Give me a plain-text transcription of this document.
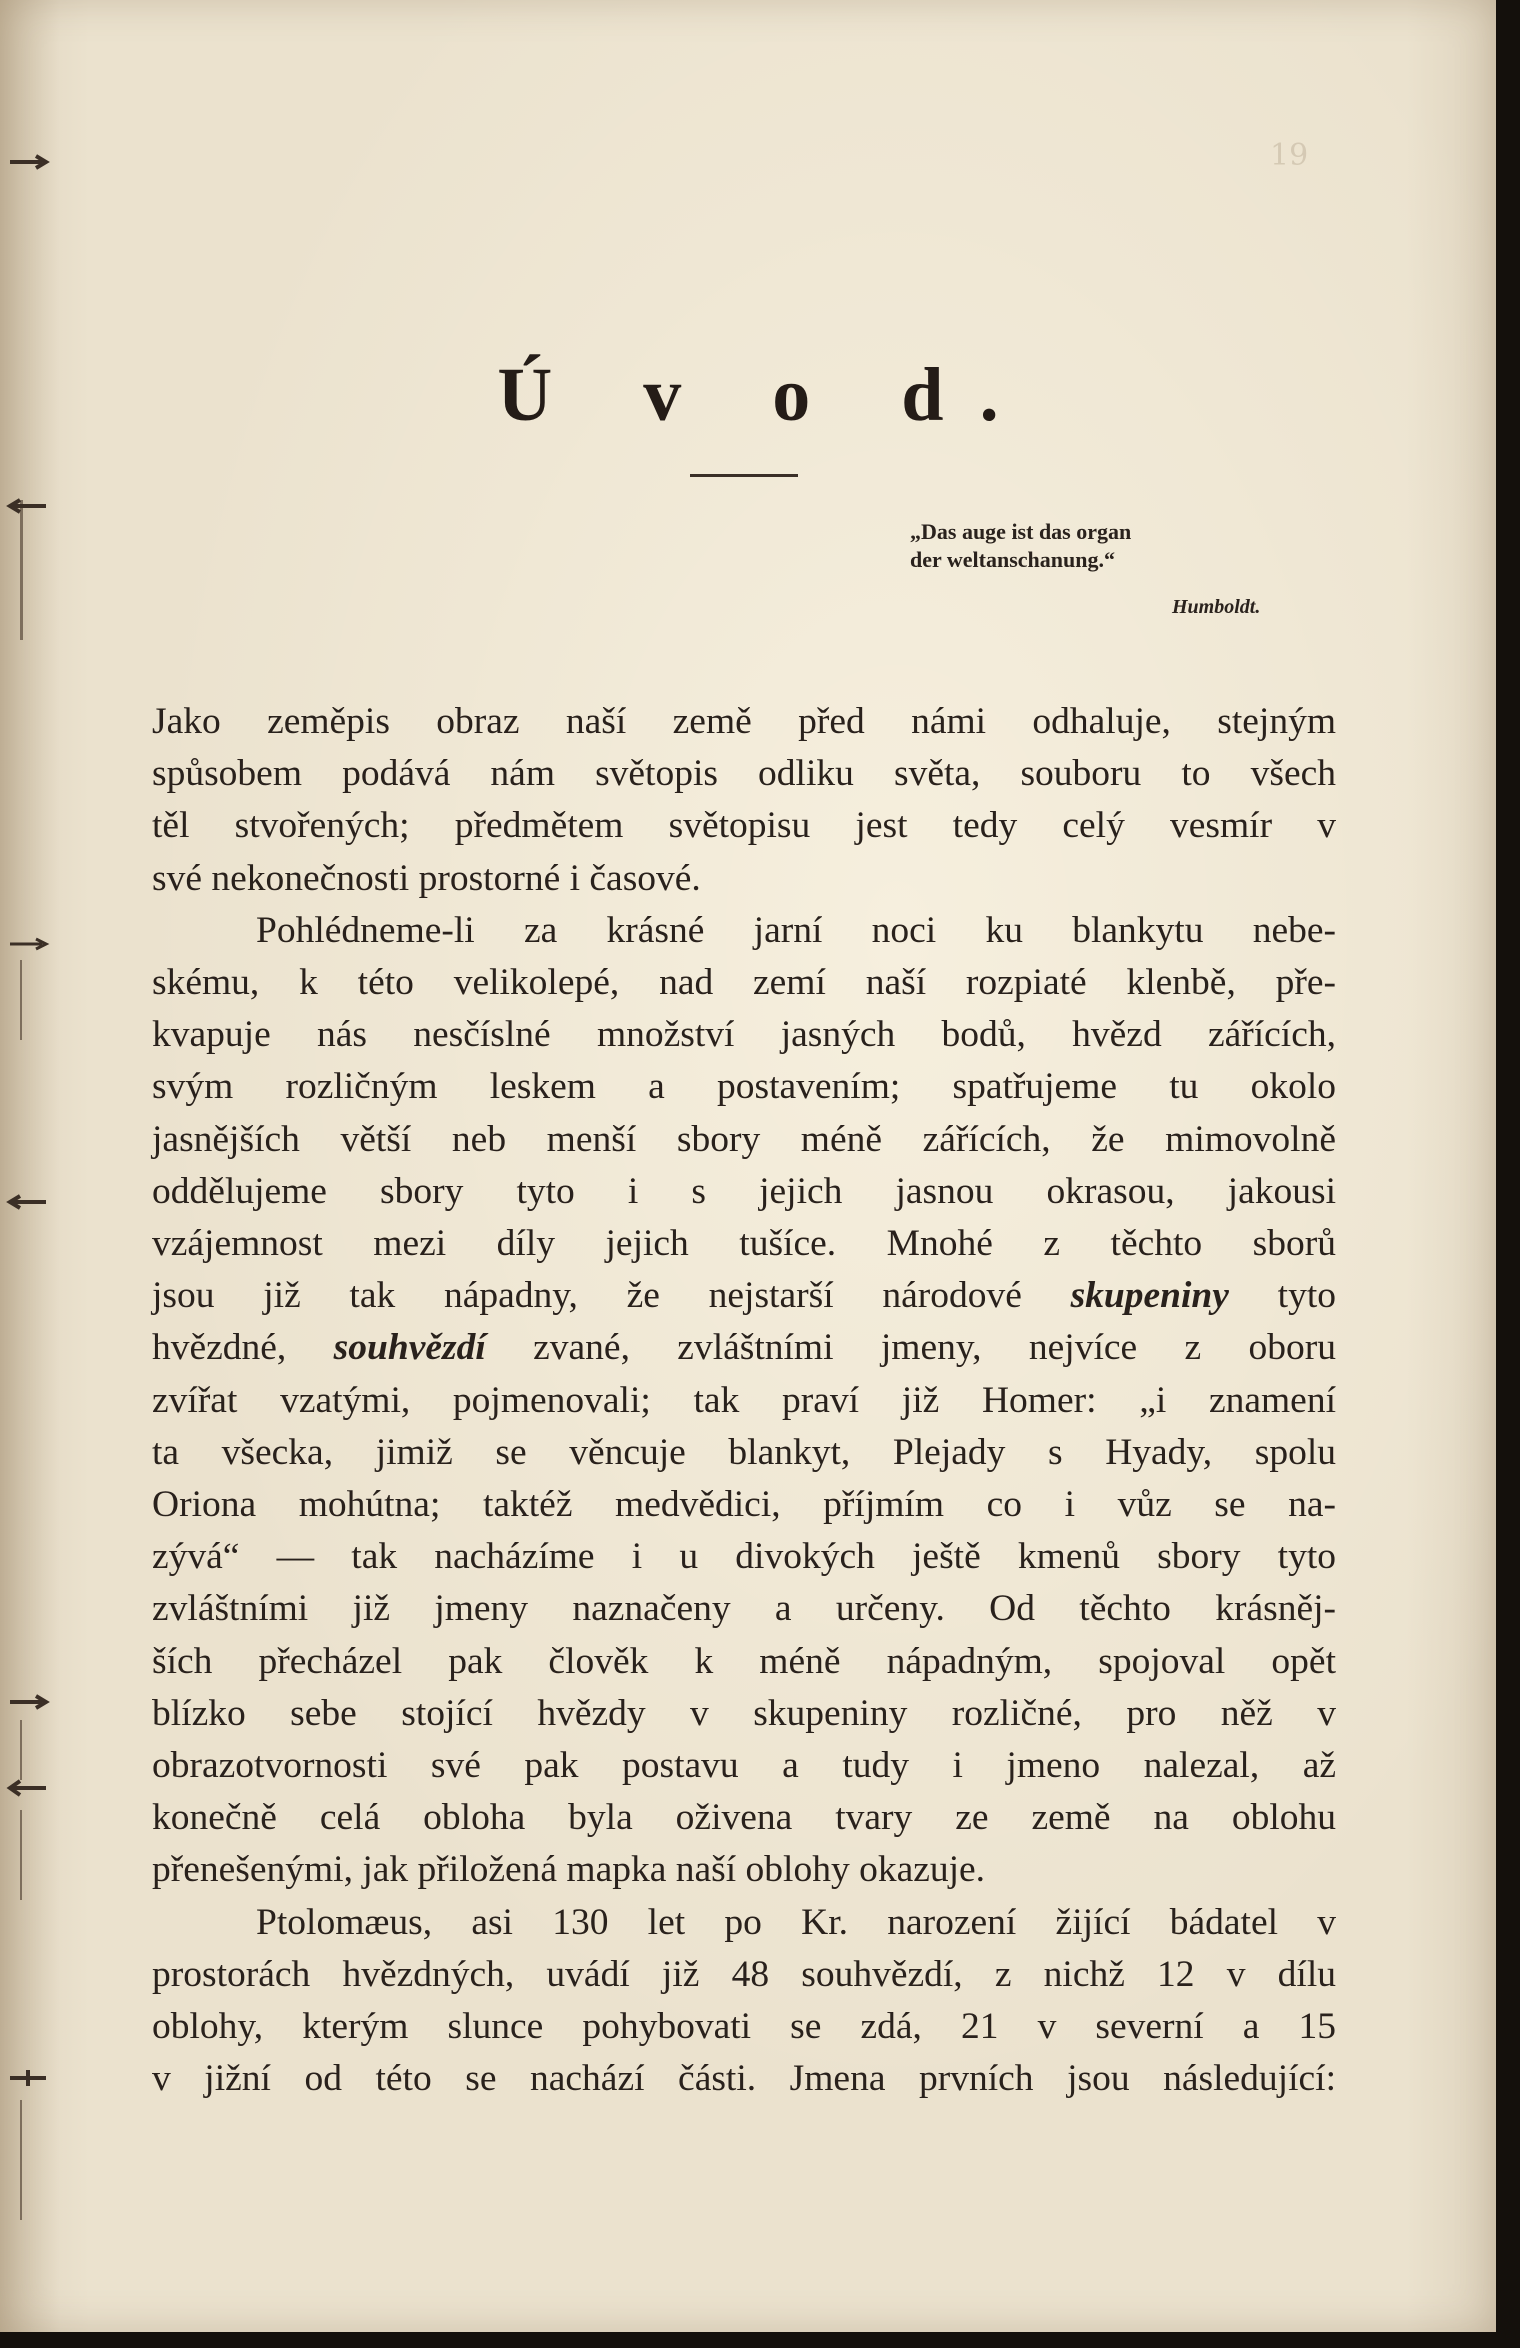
19
Ú v o d.
„Das auge ist das organ
der weltanschanung.“
Humboldt.

Jako zeměpis obraz naší země před námi odhaluje, stejným

spůsobem podává nám světopis odliku světa, souboru to všech

těl stvořených; předmětem světopisu jest tedy celý vesmír v

své nekonečnosti prostorné i časové.

Pohlédneme-li za krásné jarní noci ku blankytu nebe-

skému, k této velikolepé, nad zemí naší rozpiaté klenbě, pře-

kvapuje nás nesčíslné množství jasných bodů, hvězd zářících,

svým rozličným leskem a postavením; spatřujeme tu okolo

jasnějších větší neb menší sbory méně zářících, že mimovolně

oddělujeme sbory tyto i s jejich jasnou okrasou, jakousi

vzájemnost mezi díly jejich tušíce. Mnohé z těchto sborů

jsou již tak nápadny, že nejstarší národové skupeniny tyto

hvězdné, souhvězdí zvané, zvláštními jmeny, nejvíce z oboru

zvířat vzatými, pojmenovali; tak praví již Homer: „i znamení

ta všecka, jimiž se věncuje blankyt, Plejady s Hyady, spolu

Oriona mohútna; taktéž medvědici, příjmím co i vůz se na-

zývá“ — tak nacházíme i u divokých ještě kmenů sbory tyto

zvláštními již jmeny naznačeny a určeny. Od těchto krásněj-

ších přecházel pak člověk k méně nápadným, spojoval opět

blízko sebe stojící hvězdy v skupeniny rozličné, pro něž v

obrazotvornosti své pak postavu a tudy i jmeno nalezal, až

konečně celá obloha byla oživena tvary ze země na oblohu

přenešenými, jak přiložená mapka naší oblohy okazuje.

Ptolomæus, asi 130 let po Kr. narození žijící bádatel v

prostorách hvězdných, uvádí již 48 souhvězdí, z nichž 12 v dílu

oblohy, kterým slunce pohybovati se zdá, 21 v severní a 15

v jižní od této se nachází části. Jmena prvních jsou následující:
